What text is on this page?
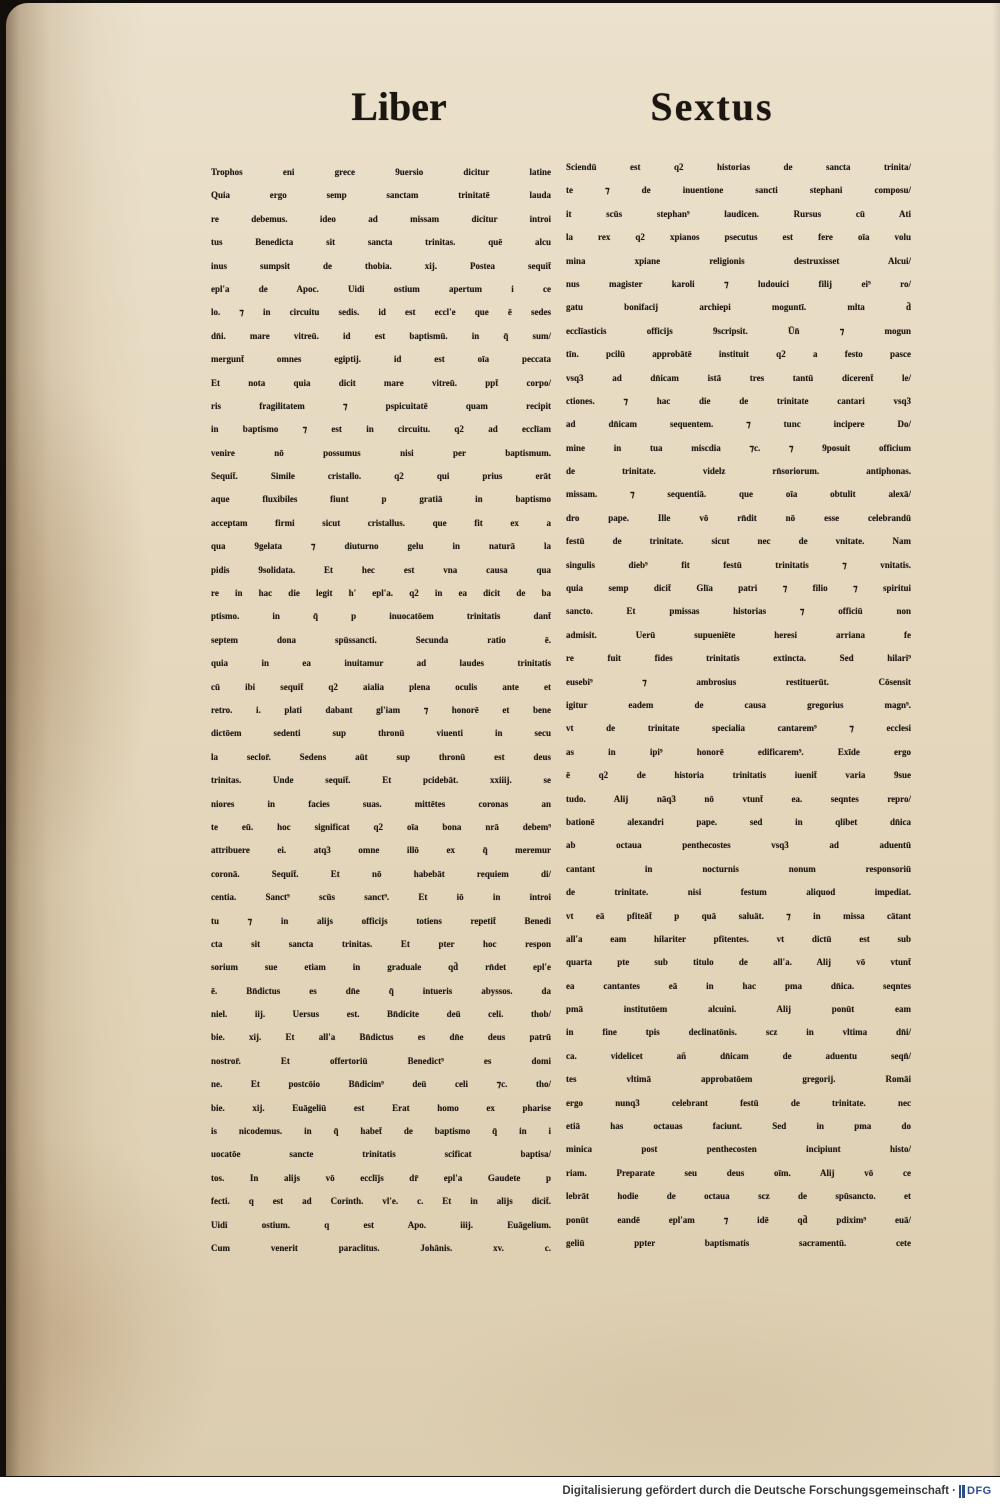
Liber	Sextus
Trophos eni grece 9uersio dicitur latine
Quia ergo semp sanctam trinitatē lauda
re debemus. ideo ad missam dicitur introi
tus Benedicta sit sancta trinitas. quē alcu
inus sumpsit de thobia. xij. Postea sequit̄
epl'a de Apoc. Uidi ostium apertum i ce
lo. ⁊ in circuitu sedis. id est eccl'e que ē sedes
dn̄i. mare vitreū. id est baptismū. in q̄ sum/
mergunt̄ omnes egiptij. id est oīa peccata
Et nota quia dicit mare vitreū. ppt̄ corpo/
ris fragilitatem ⁊ pspicuitatē quam recipit
in baptismo ⁊ est in circuitu. q2 ad ecclīam
venire nō possumus nisi per baptismum.
Sequit̄. Simile cristallo. q2 qui prius erāt
aque fluxibiles fiunt p gratiā in baptismo
acceptam firmi sicut cristallus. que fit ex a
qua 9gelata ⁊ diuturno gelu in naturā la
pidis 9solidata. Et hec est vna causa qua
re in hac die legit h' epl'a. q2 in ea dicit de ba
ptismo. in q̄ p inuocatōem trinitatis dant̄
septem dona spūssancti. Secunda ratio ē.
quia in ea inuitamur ad laudes trinitatis
cū ibi sequit̄ q2 aialia plena oculis ante et
retro. i. plati dabant gl'iam ⁊ honorē et bene
dictōem sedenti sup thronū viuenti in secu
la seclor̄. Sedens aūt sup thronū est deus
trinitas. Unde sequit̄. Et pcidebāt. xxiiij. se
niores in facies suas. mittētes coronas an
te eū. hoc significat q2 oīa bona nrā debem⁹
attribuere ei. atq3 omne illō ex q̄ meremur
coronā. Sequit̄. Et nō habebāt requiem di/
centia. Sanct⁹ scūs sanct⁹. Et iō in introi
tu ⁊ in alijs officijs totiens repetit̄ Benedi
cta sit sancta trinitas. Et pter hoc respon
sorium sue etiam in graduale qd̄ rn̄det epl'e
ē. Bn̄dictus es dn̄e q̄ intueris abyssos. da
niel. iij. Uersus est. Bn̄dicite deū celi. thob/
bie. xij. Et all'a Bn̄dictus es dn̄e deus patrū
nostror̄. Et offertoriū Benedict⁹ es domi
ne. Et postcōio Bn̄dicim⁹ deū celi ⁊c. tho/
bie. xij. Euāgeliū est Erat homo ex pharise
is nicodemus. in q̄ habet̄ de baptismo q̄ in i
uocatōe sancte trinitatis scificat baptisa/
tos. In alijs vō ecclījs dr̄ epl'a Gaudete p
fecti. q est ad Corinth. vl'e. c. Et in alijs dicit̄.
Uidi ostium. q est Apo. iiij. Euāgelium.
Cum venerit paraclitus. Johānis. xv. c.
Sciendū est q2 historias de sancta trinita/
te ⁊ de inuentione sancti stephani composu/
it scūs stephan⁹ laudicen. Rursus cū Ati
la rex q2 xpianos psecutus est fere oīa volu
mina xpiane religionis destruxisset Alcui/
nus magister karoli ⁊ ludouici filij ei⁹ ro/
gatu bonifacij archiepi moguntī. mlta d̄
ecclīasticis officijs 9scripsit. Ūn̄ ⁊ mogun
tīn. pcilū approbātē instituit q2 a festo pasce
vsq3 ad dn̄icam istā tres tantū dicerent̄ le/
ctiones. ⁊ hac die de trinitate cantari vsq3
ad dn̄icam sequentem. ⁊ tunc incipere Do/
mine in tua miscdia ⁊c. ⁊ 9posuit officium
de trinitate. videlz rn̄soriorum. antiphonas.
missam. ⁊ sequentiā. que oīa obtulit alexā/
dro pape. Ille vō rn̄dit nō esse celebrandū
festū de trinitate. sicut nec de vnitate. Nam
singulis dieb⁹ fit festū trinitatis ⁊ vnitatis.
quia semp dicit̄ Glīa patri ⁊ filio ⁊ spiritui
sancto. Et pmissas historias ⁊ officiū non
admisit. Uerū supueniēte heresi arriana fe
re fuit fides trinitatis extincta. Sed hilari⁹
eusebi⁹ ⁊ ambrosius restituerūt. Cōsensit
igitur eadem de causa gregorius magn⁹.
vt de trinitate specialia cantarem⁹ ⁊ ecclesi
as in ipi⁹ honorē edificarem⁹. Exīde ergo
ē q2 de historia trinitatis iuenit̄ varia 9sue
tudo. Alij nāq3 nō vtunt̄ ea. seqntes repro/
bationē alexandri pape. sed in qlibet dn̄ica
ab octaua penthecostes vsq3 ad aduentū
cantant in nocturnis nonum responsoriū
de trinitate. nisi festum aliquod impediat.
vt eā pfiteāt̄ p quā saluāt. ⁊ in missa cātant
all'a eam hilariter pfitentes. vt dictū est sub
quarta pte sub titulo de all'a. Alij vō vtunt̄
ea cantantes eā in hac pma dn̄ica. seqntes
pmā institutōem alcuini. Alij ponūt eam
in fine tpis declinatōnis. scz in vltima dn̄i/
ca. videlicet añ dn̄icam de aduentu seqn̄/
tes vltimā approbatōem gregorij. Romāi
ergo nunq3 celebrant festū de trinitate. nec
etiā has octauas faciunt. Sed in pma do
minica post penthecosten incipiunt histo/
riam. Preparate seu deus oīm. Alij vō ce
lebrāt hodie de octaua scz de spūsancto. et
ponūt eandē epl'am ⁊ idē qd̄ pdixim⁹ euā/
geliū ppter baptismatis sacramentū. cete
Digitalisierung gefördert durch die Deutsche Forschungsgemeinschaft · DFG
